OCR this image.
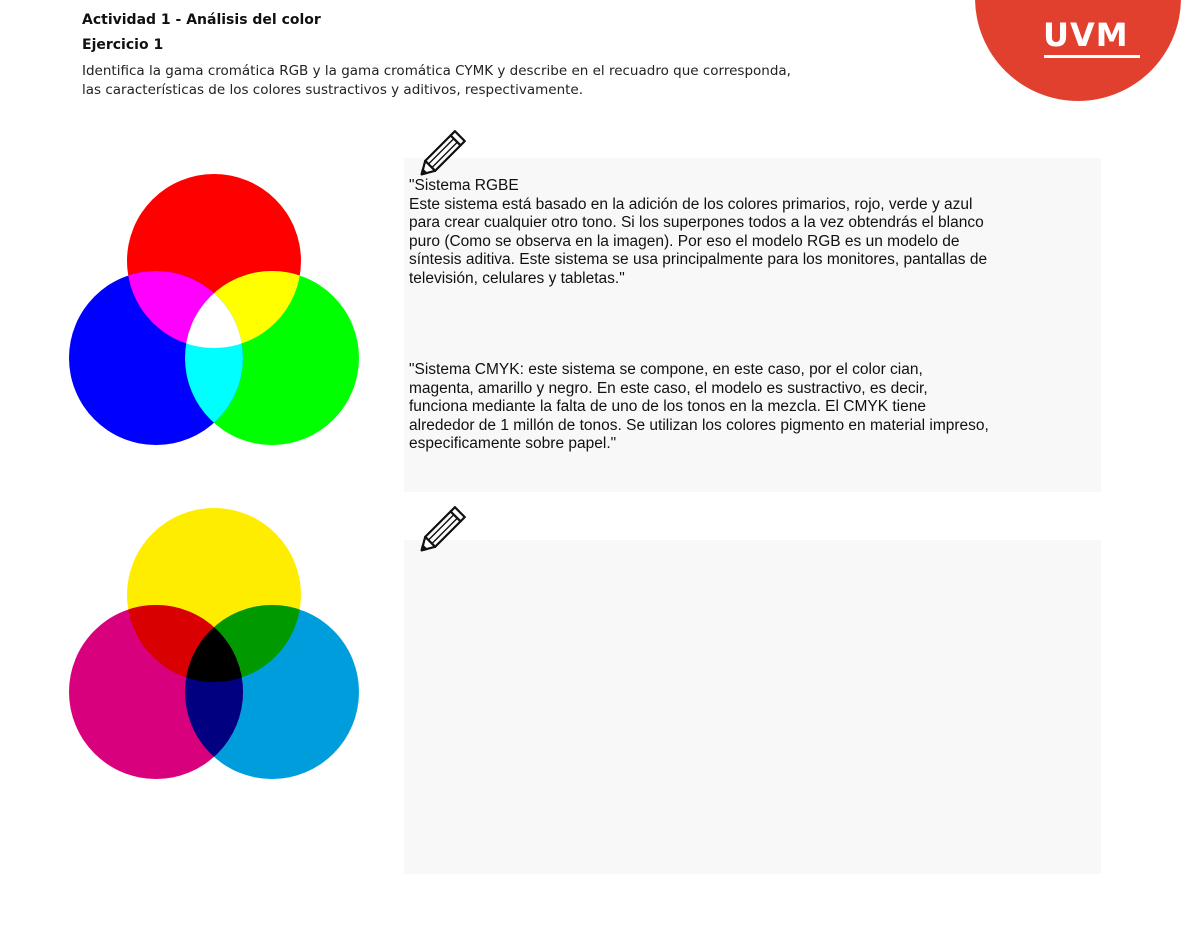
Actividad 1 - Análisis del color
Ejercicio 1
Identifica la gama cromática RGB y la gama cromática CYMK y describe en el recuadro que corresponda,
las características de los colores sustractivos y aditivos, respectivamente.
UVM
"Sistema RGBE
Este sistema está basado en la adición de los colores primarios, rojo, verde y azul
para crear cualquier otro tono. Si los superpones todos a la vez obtendrás el blanco
puro (Como se observa en la imagen). Por eso el modelo RGB es un modelo de
síntesis aditiva. Este sistema se usa principalmente para los monitores, pantallas de
televisión, celulares y tabletas."
"Sistema CMYK: este sistema se compone, en este caso, por el color cian,
magenta, amarillo y negro. En este caso, el modelo es sustractivo, es decir,
funciona mediante la falta de uno de los tonos en la mezcla. El CMYK tiene
alrededor de 1 millón de tonos. Se utilizan los colores pigmento en material impreso,
especificamente sobre papel."
